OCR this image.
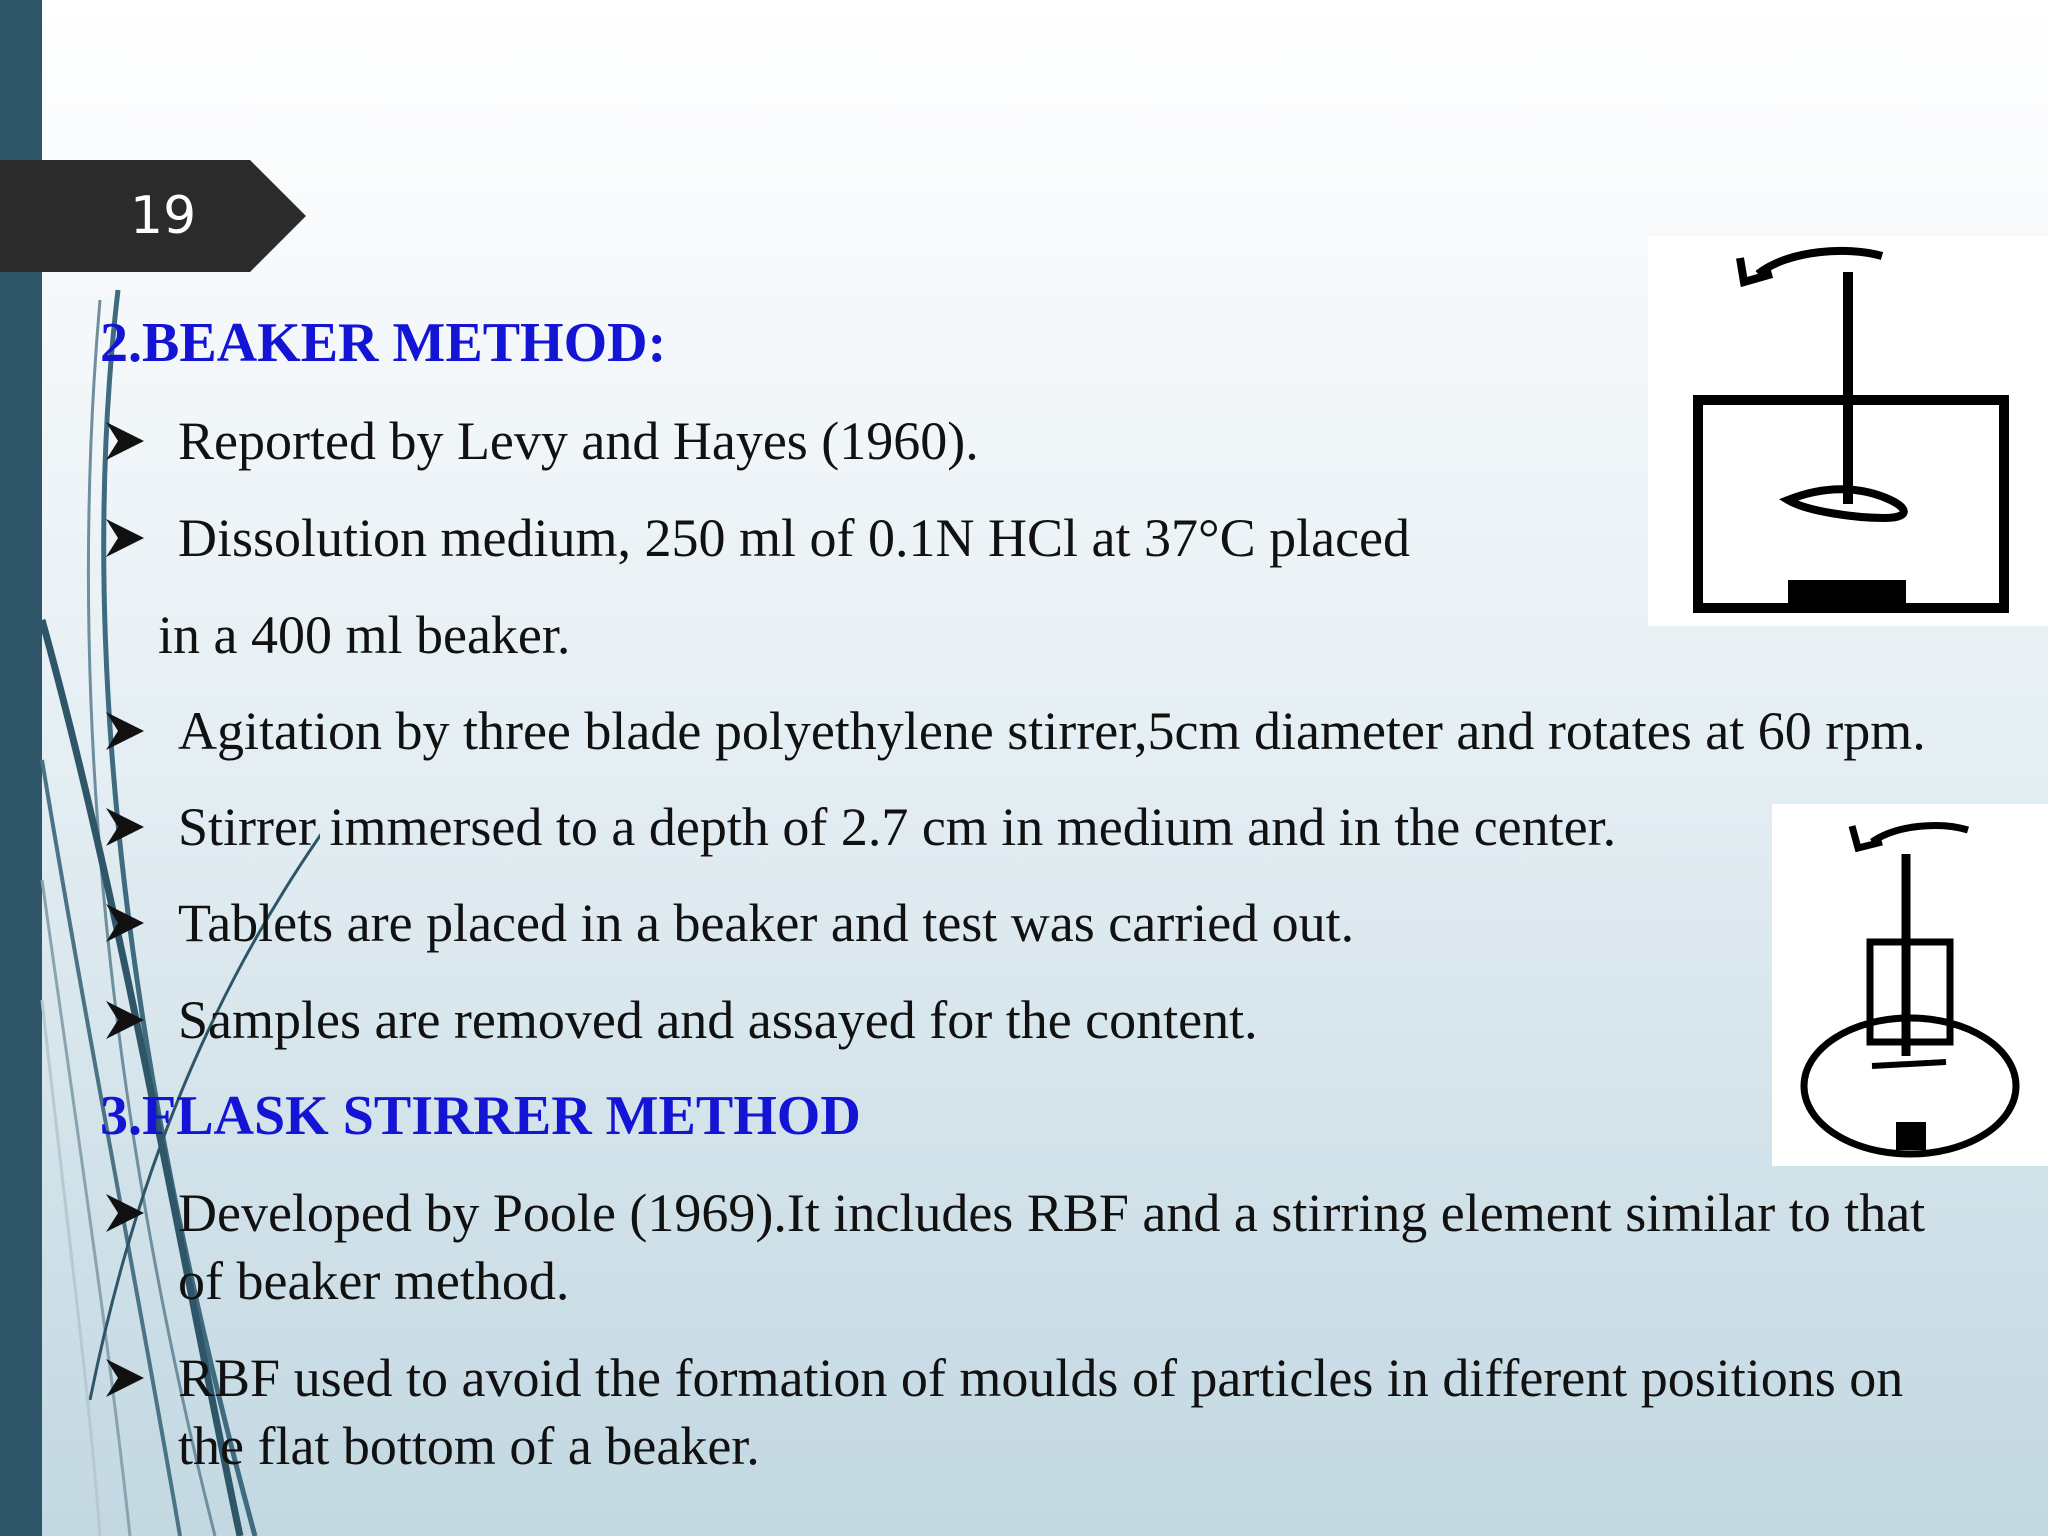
19
2.BEAKER METHOD:
Reported by Levy and Hayes (1960).
Dissolution medium, 250 ml of 0.1N HCl at 37°C placed
in a 400 ml beaker.
Agitation by three blade polyethylene stirrer,5cm diameter and rotates at 60 rpm.
Stirrer immersed to a depth of 2.7 cm in medium and in the center.
Tablets are placed in a beaker and test was carried out.
Samples are removed and assayed for the content.
3.FLASK STIRRER METHOD
Developed by Poole (1969).It includes RBF and a stirring element similar to that
of beaker method.
RBF used to avoid the formation of moulds of particles in different positions on
the flat bottom of a beaker.
